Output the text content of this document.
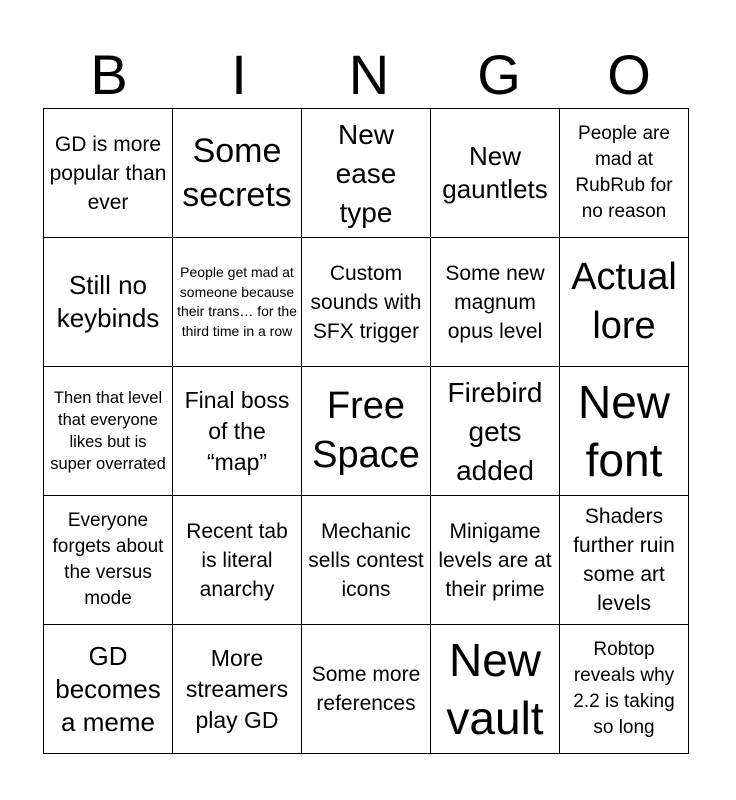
B	I	N	G	O
GD is more popular than ever
Some secrets
New ease type
New gauntlets
People are mad at RubRub for no reason
Still no keybinds
People get mad at someone because their trans… for the third time in a row
Custom sounds with SFX trigger
Some new magnum opus level
Actual lore
Then that level that everyone likes but is super overrated
Final boss of the “map”
Free Space
Firebird gets added
New font
Everyone forgets about the versus mode
Recent tab is literal anarchy
Mechanic sells contest icons
Minigame levels are at their prime
Shaders further ruin some art levels
GD becomes a meme
More streamers play GD
Some more references
New vault
Robtop reveals why 2.2 is taking so long
